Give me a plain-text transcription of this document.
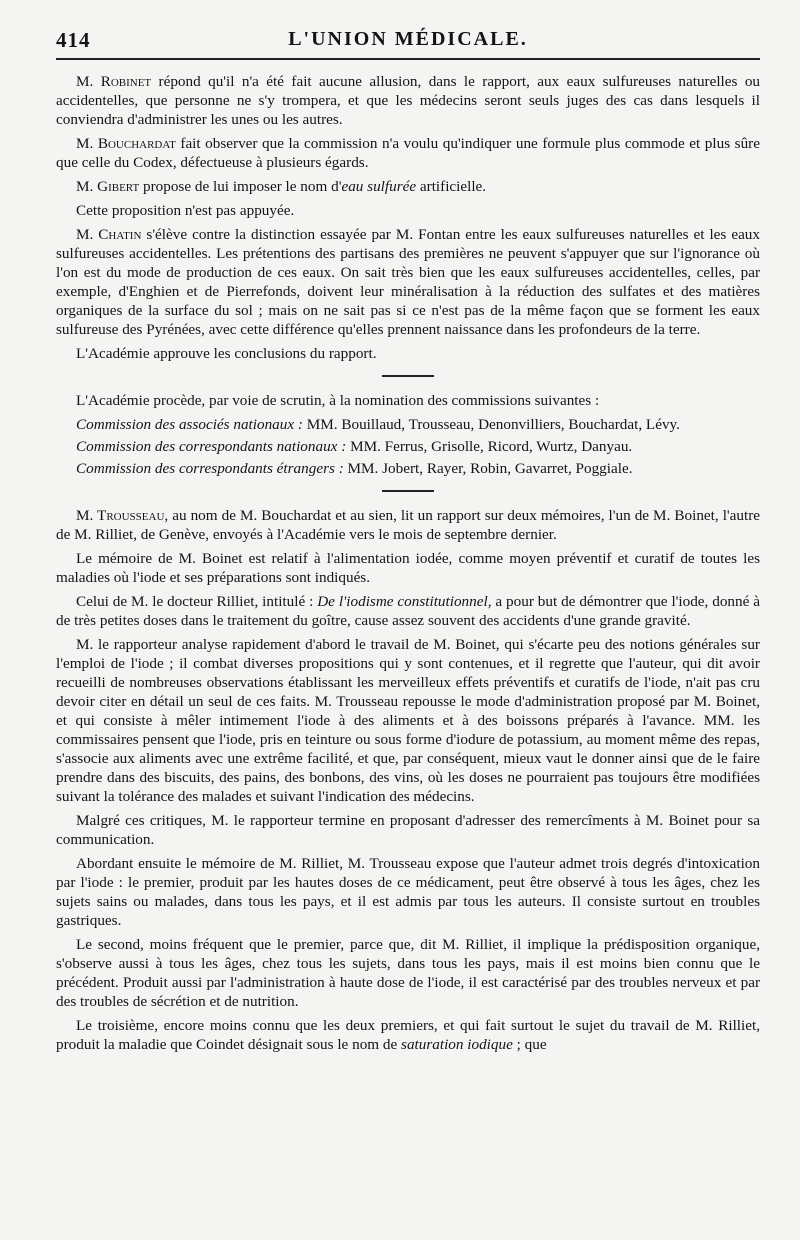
414	L'UNION MÉDICALE.

M. Robinet répond qu'il n'a été fait aucune allusion, dans le rapport, aux eaux sulfureuses naturelles ou accidentelles, que personne ne s'y trompera, et que les médecins seront seuls juges des cas dans lesquels il conviendra d'administrer les unes ou les autres.

M. Bouchardat fait observer que la commission n'a voulu qu'indiquer une formule plus commode et plus sûre que celle du Codex, défectueuse à plusieurs égards.

M. Gibert propose de lui imposer le nom d'eau sulfurée artificielle.

Cette proposition n'est pas appuyée.

M. Chatin s'élève contre la distinction essayée par M. Fontan entre les eaux sulfureuses naturelles et les eaux sulfureuses accidentelles. Les prétentions des partisans des premières ne peuvent s'appuyer que sur l'ignorance où l'on est du mode de production de ces eaux. On sait très bien que les eaux sulfureuses accidentelles, celles, par exemple, d'Enghien et de Pierrefonds, doivent leur minéralisation à la réduction des sulfates et des matières organiques de la surface du sol ; mais on ne sait pas si ce n'est pas de la même façon que se forment les eaux sulfureuse des Pyrénées, avec cette différence qu'elles prennent naissance dans les profondeurs de la terre.

L'Académie approuve les conclusions du rapport.

L'Académie procède, par voie de scrutin, à la nomination des commissions suivantes :

Commission des associés nationaux : MM. Bouillaud, Trousseau, Denonvilliers, Bouchardat, Lévy.

Commission des correspondants nationaux : MM. Ferrus, Grisolle, Ricord, Wurtz, Danyau.

Commission des correspondants étrangers : MM. Jobert, Rayer, Robin, Gavarret, Poggiale.

M. Trousseau, au nom de M. Bouchardat et au sien, lit un rapport sur deux mémoires, l'un de M. Boinet, l'autre de M. Rilliet, de Genève, envoyés à l'Académie vers le mois de septembre dernier.

Le mémoire de M. Boinet est relatif à l'alimentation iodée, comme moyen préventif et curatif de toutes les maladies où l'iode et ses préparations sont indiqués.

Celui de M. le docteur Rilliet, intitulé : De l'iodisme constitutionnel, a pour but de démontrer que l'iode, donné à de très petites doses dans le traitement du goître, cause assez souvent des accidents d'une grande gravité.

M. le rapporteur analyse rapidement d'abord le travail de M. Boinet, qui s'écarte peu des notions générales sur l'emploi de l'iode ; il combat diverses propositions qui y sont contenues, et il regrette que l'auteur, qui dit avoir recueilli de nombreuses observations établissant les merveilleux effets préventifs et curatifs de l'iode, n'ait pas cru devoir citer en détail un seul de ces faits. M. Trousseau repousse le mode d'administration proposé par M. Boinet, et qui consiste à mêler intimement l'iode à des aliments et à des boissons préparés à l'avance. MM. les commissaires pensent que l'iode, pris en teinture ou sous forme d'iodure de potassium, au moment même des repas, s'associe aux aliments avec une extrême facilité, et que, par conséquent, mieux vaut le donner ainsi que de le faire prendre dans des biscuits, des pains, des bonbons, des vins, où les doses ne pourraient pas toujours être modifiées suivant la tolérance des malades et suivant l'indication des médecins.

Malgré ces critiques, M. le rapporteur termine en proposant d'adresser des remercîments à M. Boinet pour sa communication.

Abordant ensuite le mémoire de M. Rilliet, M. Trousseau expose que l'auteur admet trois degrés d'intoxication par l'iode : le premier, produit par les hautes doses de ce médicament, peut être observé à tous les âges, chez les sujets sains ou malades, dans tous les pays, et il est admis par tous les auteurs. Il consiste surtout en troubles gastriques.

Le second, moins fréquent que le premier, parce que, dit M. Rilliet, il implique la prédisposition organique, s'observe aussi à tous les âges, chez tous les sujets, dans tous les pays, mais il est moins bien connu que le précédent. Produit aussi par l'administration à haute dose de l'iode, il est caractérisé par des troubles nerveux et par des troubles de sécrétion et de nutrition.

Le troisième, encore moins connu que les deux premiers, et qui fait surtout le sujet du travail de M. Rilliet, produit la maladie que Coindet désignait sous le nom de saturation iodique ; que
